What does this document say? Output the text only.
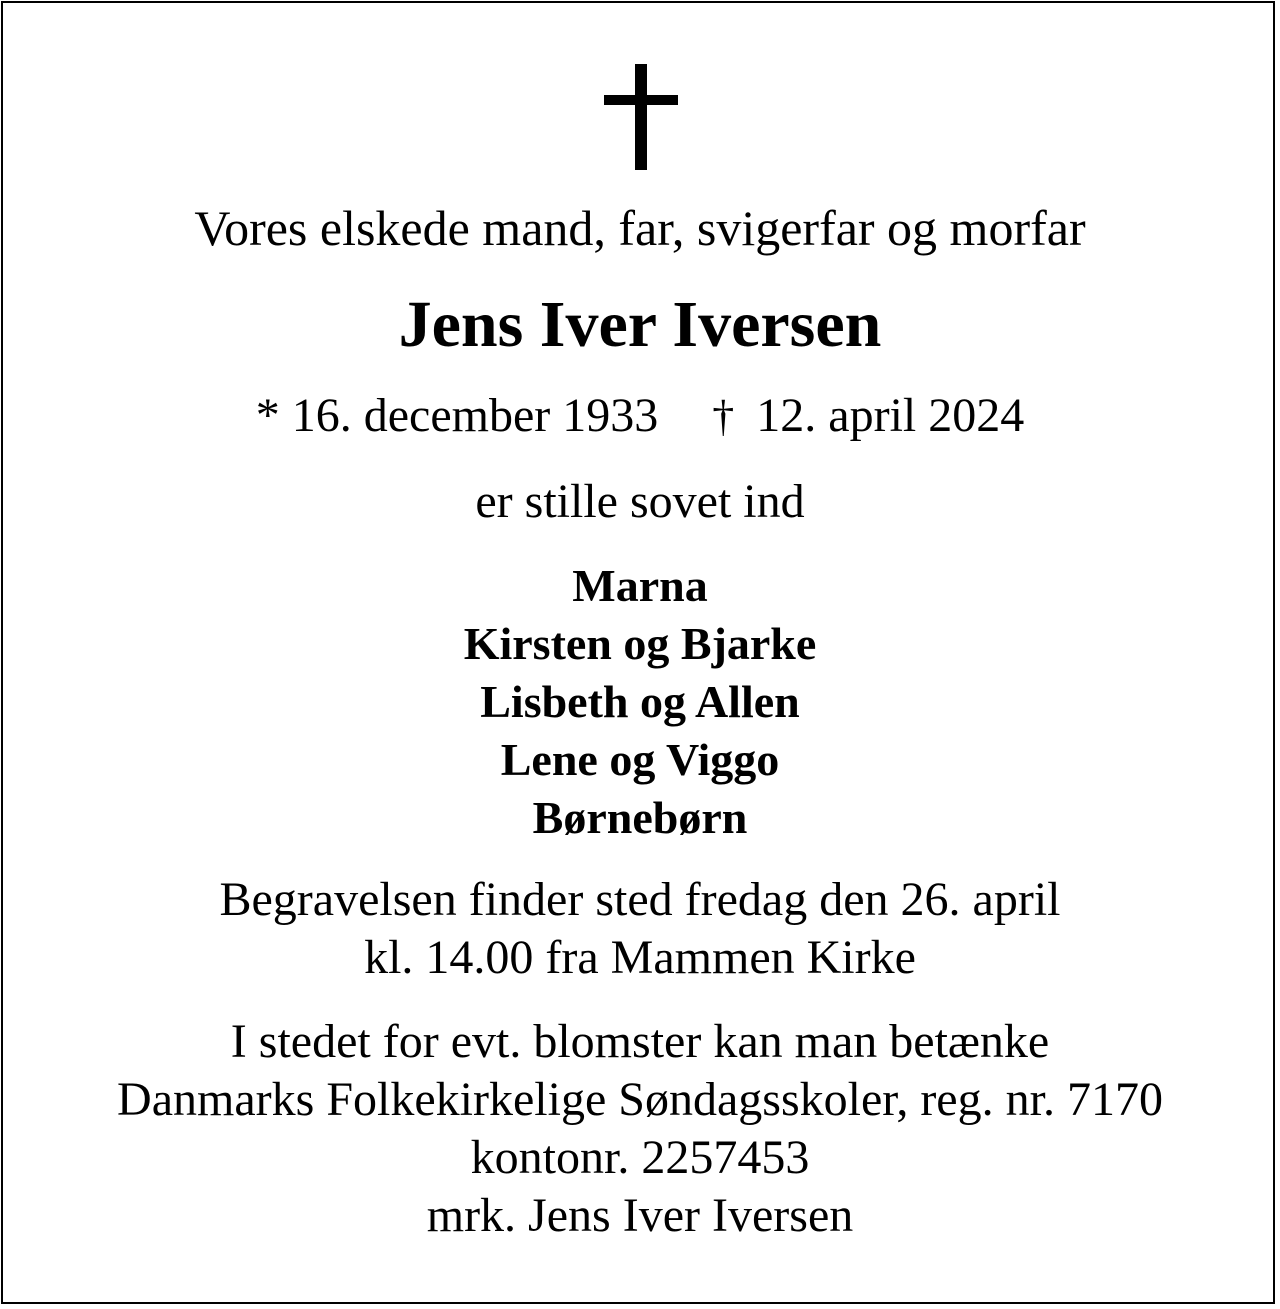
Vores elskede mand, far, svigerfar og morfar
Jens Iver Iversen
* 16. december 1933 † 12. april 2024
er stille sovet ind
Marna
Kirsten og Bjarke
Lisbeth og Allen
Lene og Viggo
Børnebørn
Begravelsen finder sted fredag den 26. april
kl. 14.00 fra Mammen Kirke
I stedet for evt. blomster kan man betænke
Danmarks Folkekirkelige Søndagsskoler, reg. nr. 7170
kontonr. 2257453
mrk. Jens Iver Iversen
